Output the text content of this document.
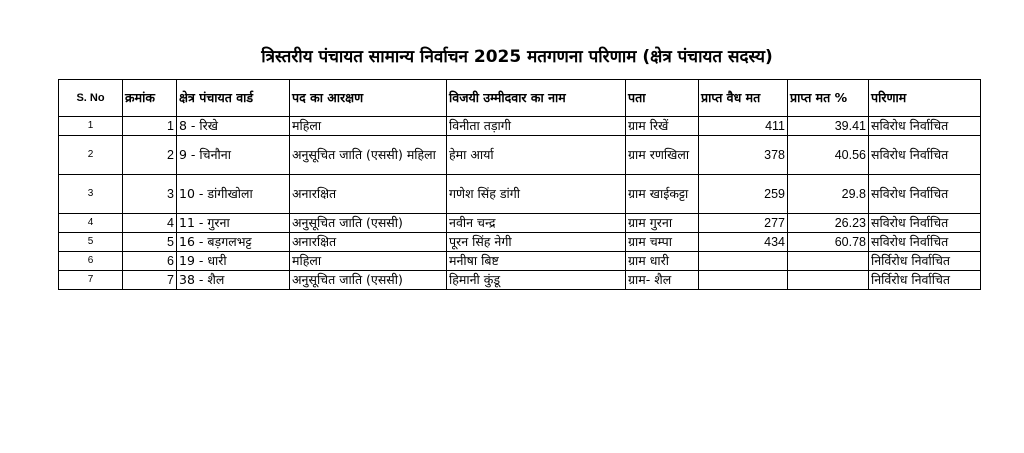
त्रिस्तरीय पंचायत सामान्य निर्वाचन 2025 मतगणना परिणाम (क्षेत्र पंचायत सदस्य)
S. No	क्रमांक	क्षेत्र पंचायत वार्ड	पद का आरक्षण	विजयी उम्मीदवार का नाम	पता	प्राप्त वैध मत	प्राप्त मत %	परिणाम
1	1	8 - रिखे	महिला	विनीता तड़ागी	ग्राम रिखें	411	39.41	सविरोध निर्वाचित
2	2	9 - चिनौना	अनुसूचित जाति (एससी) महिला	हेमा आर्या	ग्राम रणखिला	378	40.56	सविरोध निर्वाचित
3	3	10 - डांगीखोला	अनारक्षित	गणेश सिंह डांगी	ग्राम खाईकट्टा	259	29.8	सविरोध निर्वाचित
4	4	11 - गुरना	अनुसूचित जाति (एससी)	नवीन चन्द्र	ग्राम गुरना	277	26.23	सविरोध निर्वाचित
5	5	16 - बड़गलभट्ट	अनारक्षित	पूरन सिंह नेगी	ग्राम चम्पा	434	60.78	सविरोध निर्वाचित
6	6	19 - धारी	महिला	मनीषा बिष्ट	ग्राम धारी			निर्विरोध निर्वाचित
7	7	38 - शैल	अनुसूचित जाति (एससी)	हिमानी कुंडू	ग्राम- शैल			निर्विरोध निर्वाचित
